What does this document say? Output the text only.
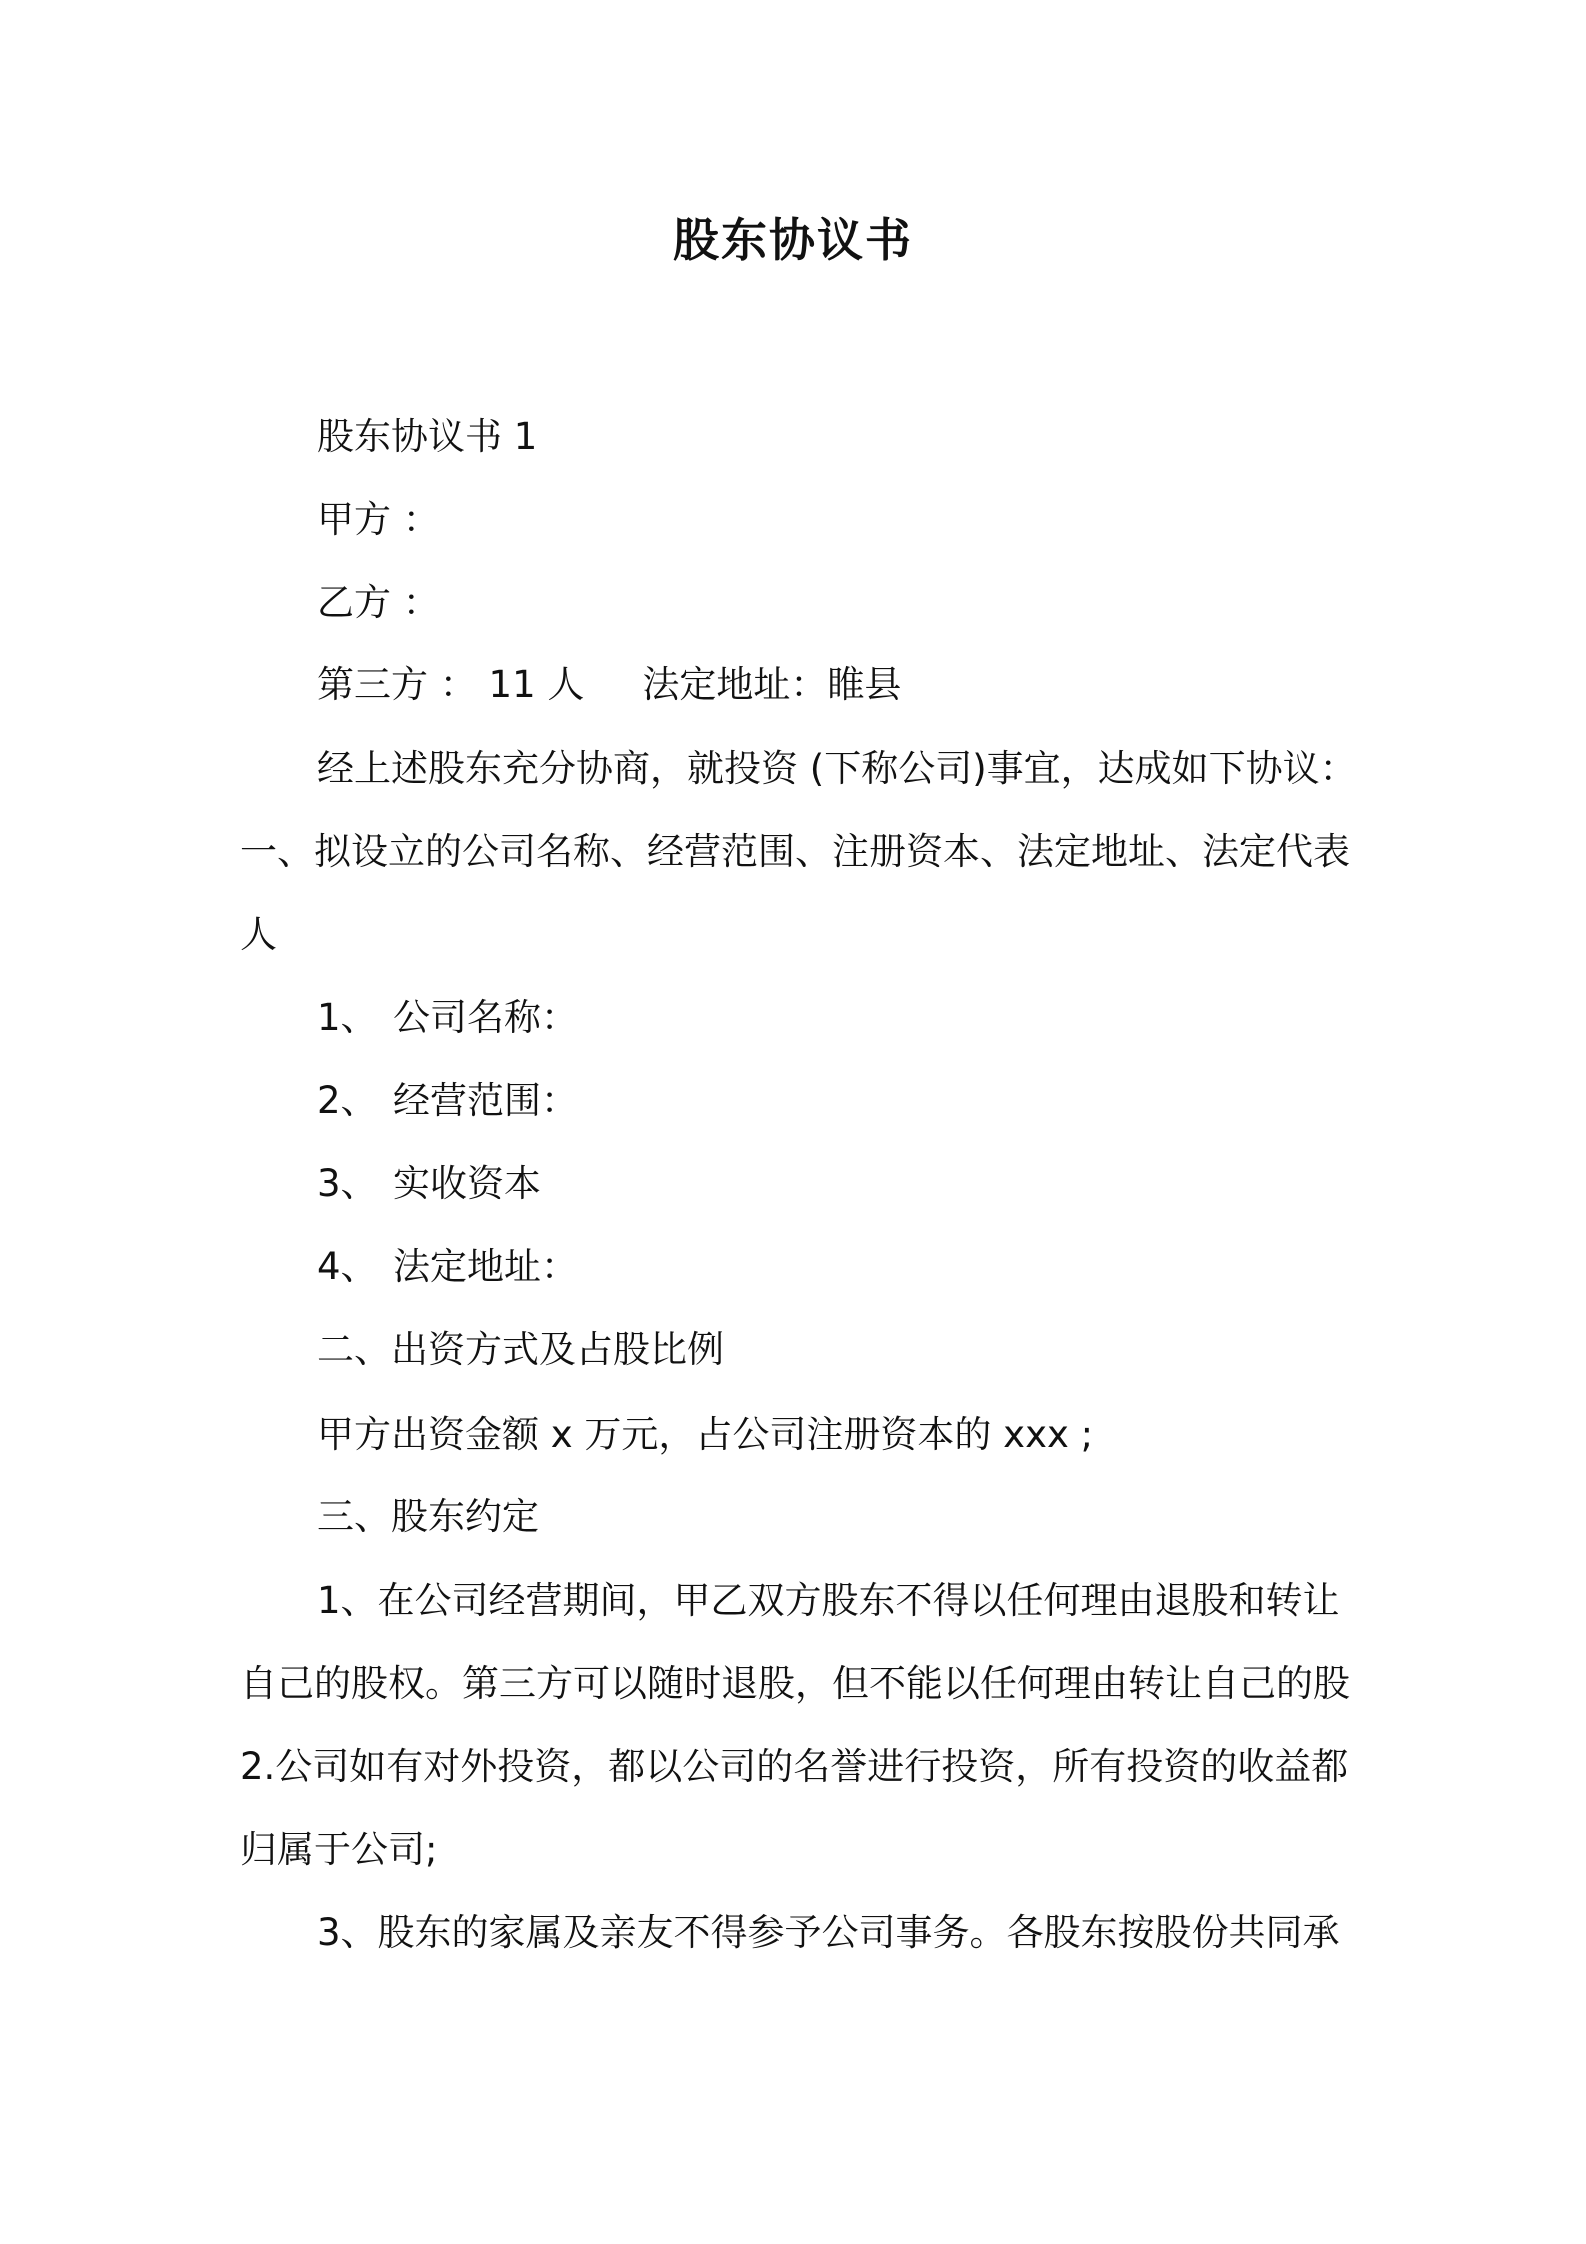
股东协议书
股东协议书 1
甲方 ：
乙方 ：
第三方 ： 11 人 法定地址：睢县
经上述股东充分协商，就投资 (下称公司)事宜，达成如下协议：
一、拟设立的公司名称、经营范围、注册资本、法定地址、法定代表
人
1、 公司名称：
2、 经营范围：
3、 实收资本
4、 法定地址：
二、出资方式及占股比例
甲方出资金额 x 万元，占公司注册资本的 xxx ;
三、股东约定
1、在公司经营期间，甲乙双方股东不得以任何理由退股和转让
自己的股权。第三方可以随时退股，但不能以任何理由转让自己的股
2.公司如有对外投资，都以公司的名誉进行投资，所有投资的收益都
归属于公司;
3、股东的家属及亲友不得参予公司事务。各股东按股份共同承
